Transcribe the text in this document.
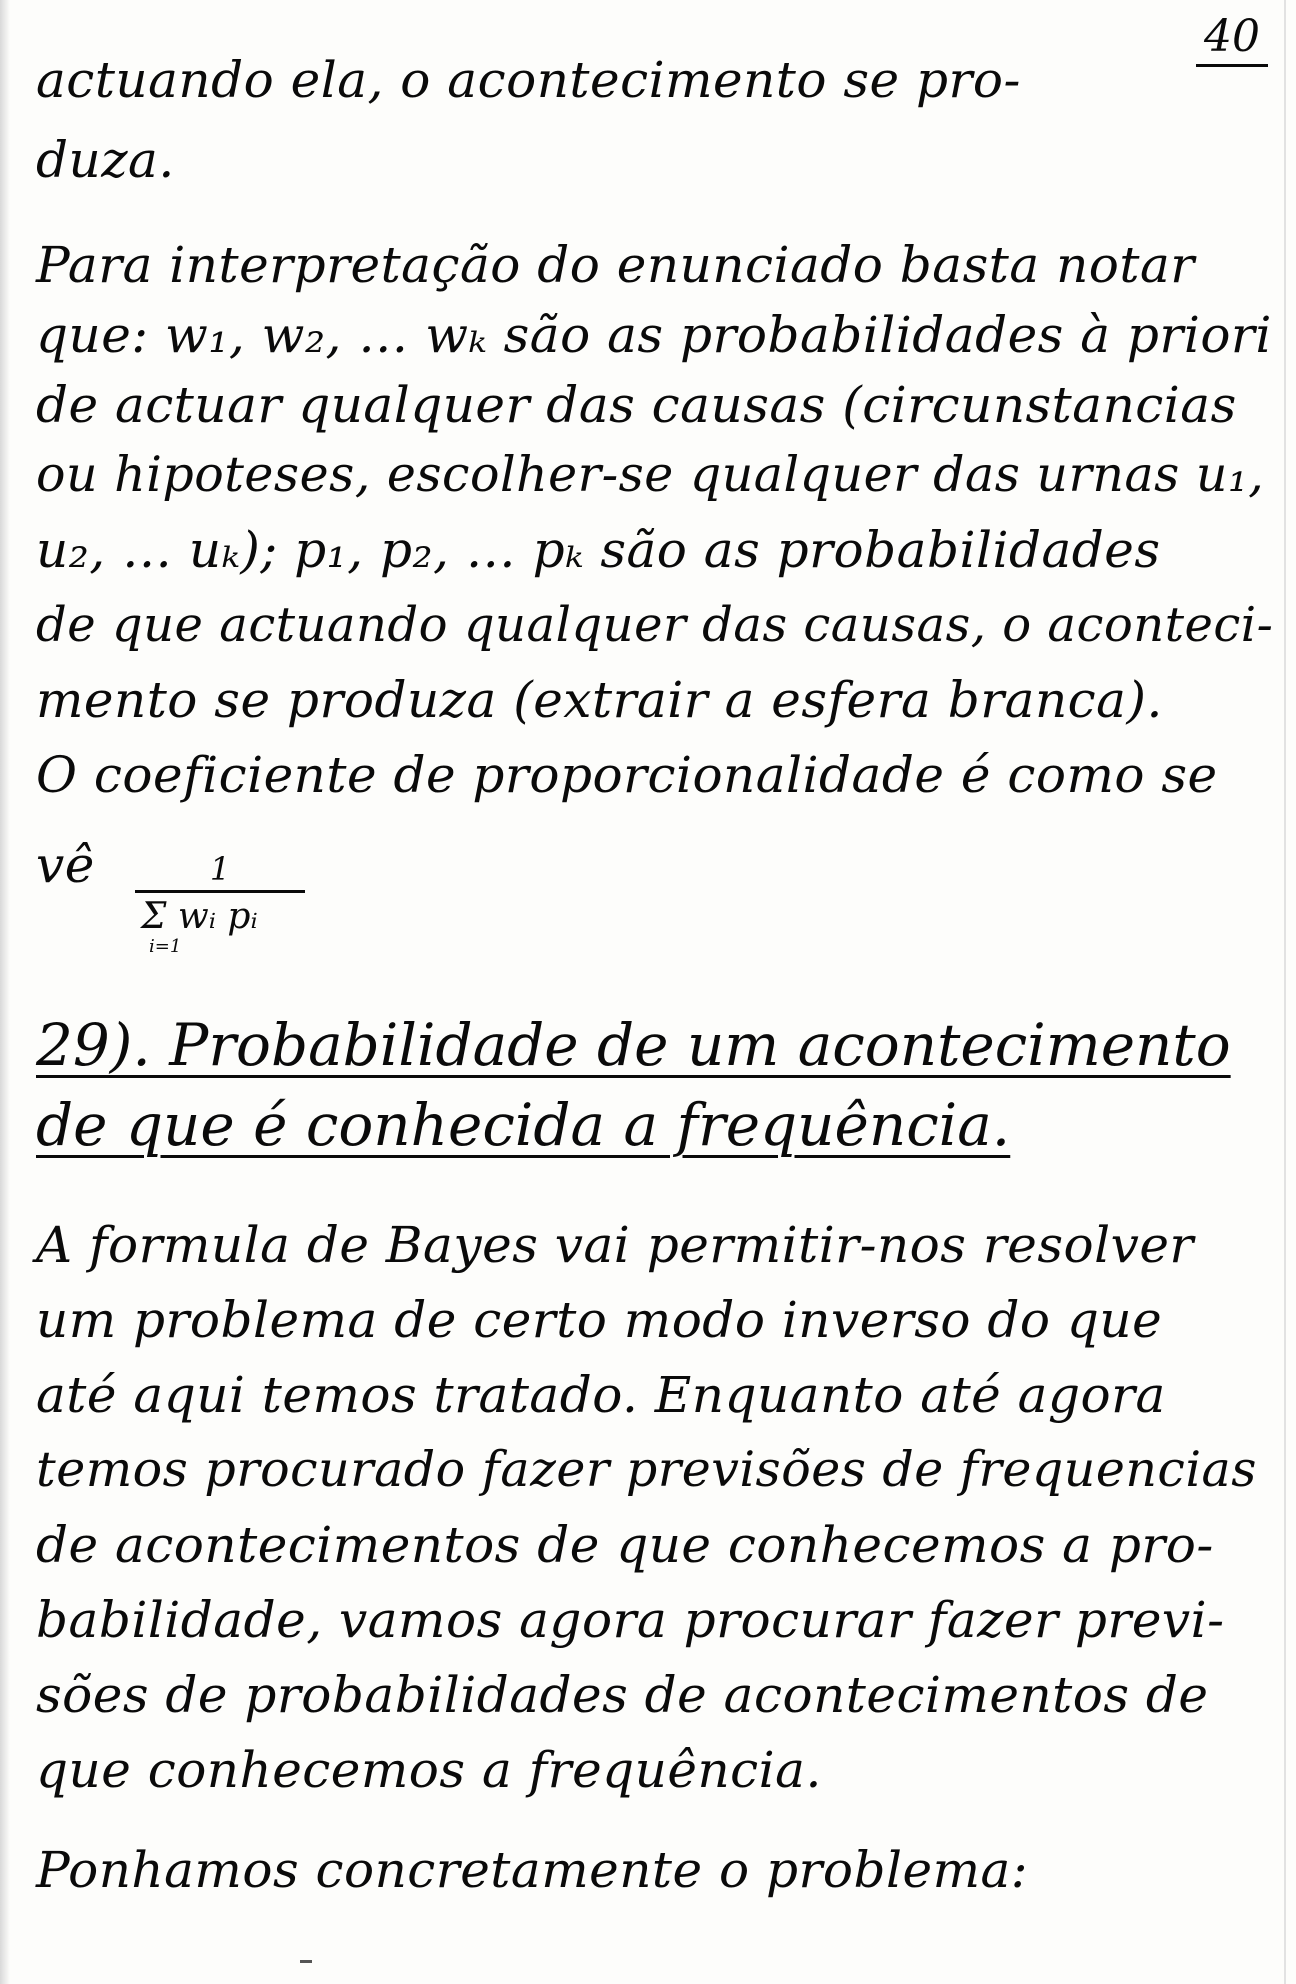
40
actuando ela, o acontecimento se pro-
duza.
Para interpretação do enunciado basta notar
que: w₁, w₂, … wₖ são as probabilidades à priori
de actuar qualquer das causas (circunstancias
ou hipoteses, escolher-se qualquer das urnas u₁,
u₂, … uₖ); p₁, p₂, … pₖ são as probabilidades
de que actuando qualquer das causas, o aconteci-
mento se produza (extrair a esfera branca).
O coeficiente de proporcionalidade é como se
vê	1
Σ wᵢ pᵢ
i=1
29). Probabilidade de um acontecimento
de que é conhecida a frequência.
A formula de Bayes vai permitir-nos resolver
um problema de certo modo inverso do que
até aqui temos tratado. Enquanto até agora
temos procurado fazer previsões de frequencias
de acontecimentos de que conhecemos a pro-
babilidade, vamos agora procurar fazer previ-
sões de probabilidades de acontecimentos de
que conhecemos a frequência.
Ponhamos concretamente o problema:
